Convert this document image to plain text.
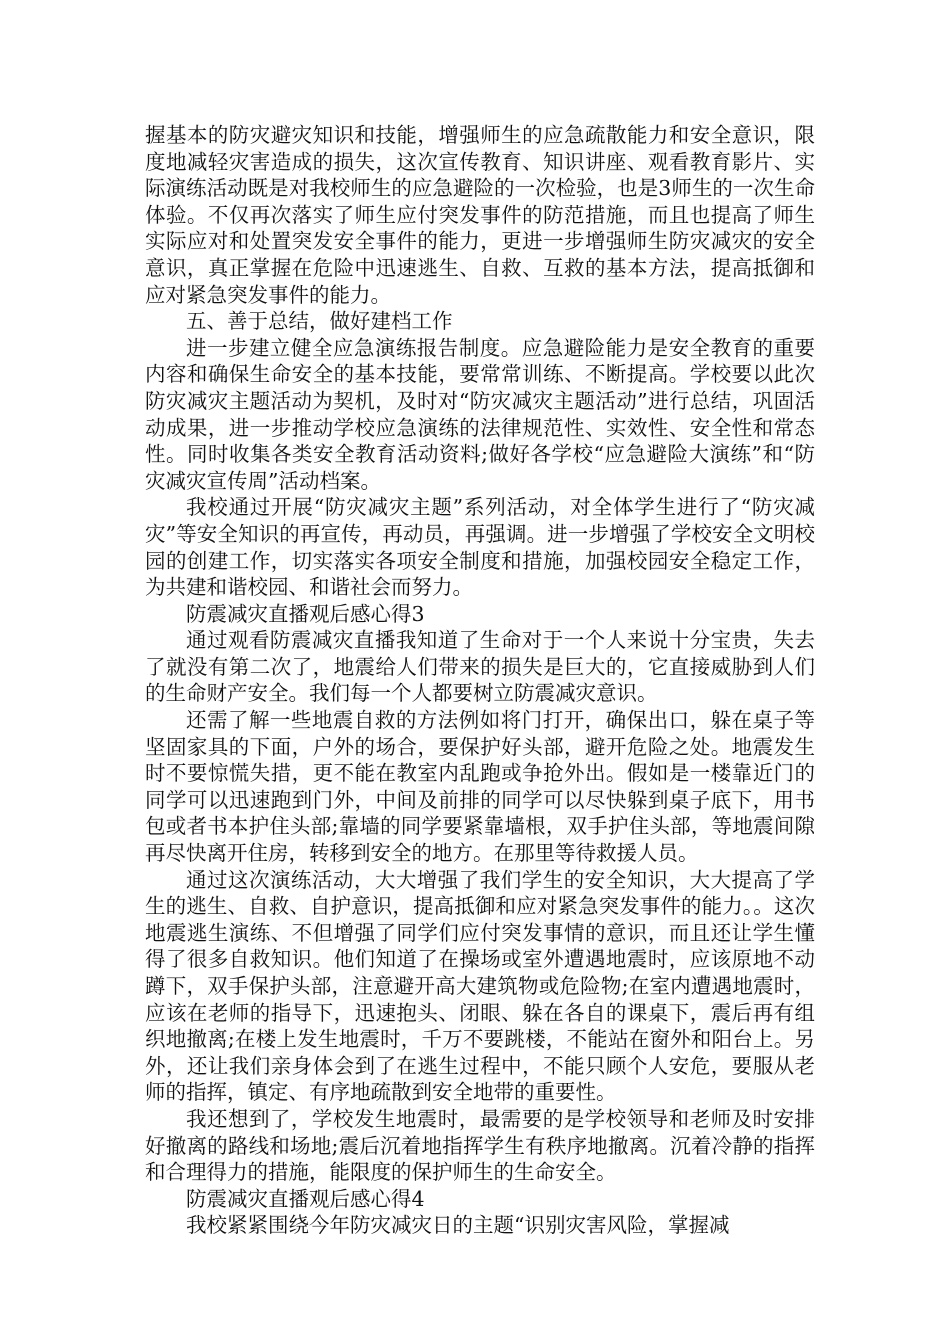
握基本的防灾避灾知识和技能，增强师生的应急疏散能力和安全意识，限度地减轻灾害造成的损失，这次宣传教育、知识讲座、观看教育影片、实际演练活动既是对我校师生的应急避险的一次检验，也是3师生的一次生命体验。不仅再次落实了师生应付突发事件的防范措施，而且也提高了师生实际应对和处置突发安全事件的能力，更进一步增强师生防灾减灾的安全意识，真正掌握在危险中迅速逃生、自救、互救的基本方法，提高抵御和应对紧急突发事件的能力。

五、善于总结，做好建档工作

进一步建立健全应急演练报告制度。应急避险能力是安全教育的重要内容和确保生命安全的基本技能，要常常训练、不断提高。学校要以此次防灾减灾主题活动为契机，及时对“防灾减灾主题活动”进行总结，巩固活动成果，进一步推动学校应急演练的法律规范性、实效性、安全性和常态性。同时收集各类安全教育活动资料;做好各学校“应急避险大演练”和“防灾减灾宣传周”活动档案。

我校通过开展“防灾减灾主题”系列活动，对全体学生进行了“防灾减灾”等安全知识的再宣传，再动员，再强调。进一步增强了学校安全文明校园的创建工作，切实落实各项安全制度和措施，加强校园安全稳定工作，为共建和谐校园、和谐社会而努力。

防震减灾直播观后感心得3

通过观看防震减灾直播我知道了生命对于一个人来说十分宝贵，失去了就没有第二次了，地震给人们带来的损失是巨大的，它直接威胁到人们的生命财产安全。我们每一个人都要树立防震减灾意识。

还需了解一些地震自救的方法例如将门打开，确保出口，躲在桌子等坚固家具的下面，户外的场合，要保护好头部，避开危险之处。地震发生时不要惊慌失措，更不能在教室内乱跑或争抢外出。假如是一楼靠近门的同学可以迅速跑到门外，中间及前排的同学可以尽快躲到桌子底下，用书包或者书本护住头部;靠墙的同学要紧靠墙根，双手护住头部，等地震间隙再尽快离开住房，转移到安全的地方。在那里等待救援人员。

通过这次演练活动，大大增强了我们学生的安全知识，大大提高了学生的逃生、自救、自护意识，提高抵御和应对紧急突发事件的能力。。这次地震逃生演练、不但增强了同学们应付突发事情的意识，而且还让学生懂得了很多自救知识。他们知道了在操场或室外遭遇地震时，应该原地不动蹲下，双手保护头部，注意避开高大建筑物或危险物;在室内遭遇地震时，应该在老师的指导下，迅速抱头、闭眼、躲在各自的课桌下，震后再有组织地撤离;在楼上发生地震时，千万不要跳楼，不能站在窗外和阳台上。另外，还让我们亲身体会到了在逃生过程中，不能只顾个人安危，要服从老师的指挥，镇定、有序地疏散到安全地带的重要性。

我还想到了，学校发生地震时，最需要的是学校领导和老师及时安排好撤离的路线和场地;震后沉着地指挥学生有秩序地撤离。沉着冷静的指挥和合理得力的措施，能限度的保护师生的生命安全。

防震减灾直播观后感心得4

我校紧紧围绕今年防灾减灾日的主题“识别灾害风险，掌握减
